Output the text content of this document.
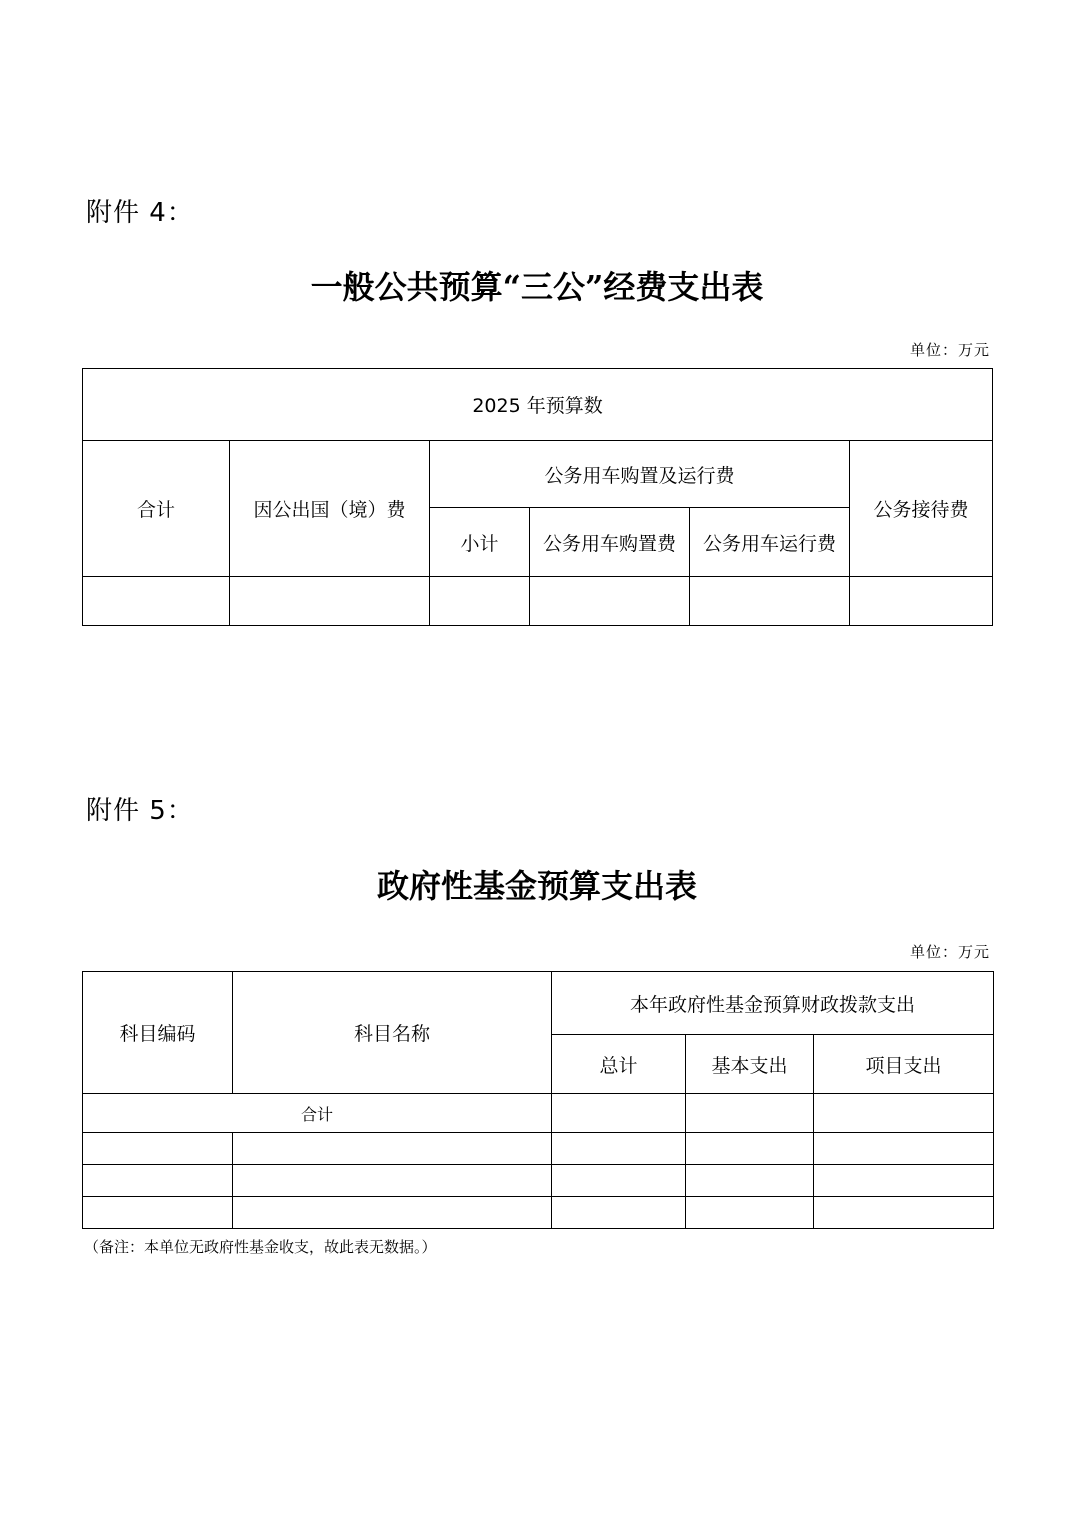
附件 4：
一般公共预算“三公”经费支出表
单位：万元
2025 年预算数					
合计	因公出国（境）费	公务用车购置及运行费			公务接待费
		小计	公务用车购置费	公务用车运行费	

附件 5：
政府性基金预算支出表
单位：万元
科目编码	科目名称	本年政府性基金预算财政拨款支出		
		总计	基本支出	项目支出
合计				

（备注：本单位无政府性基金收支，故此表无数据。）
